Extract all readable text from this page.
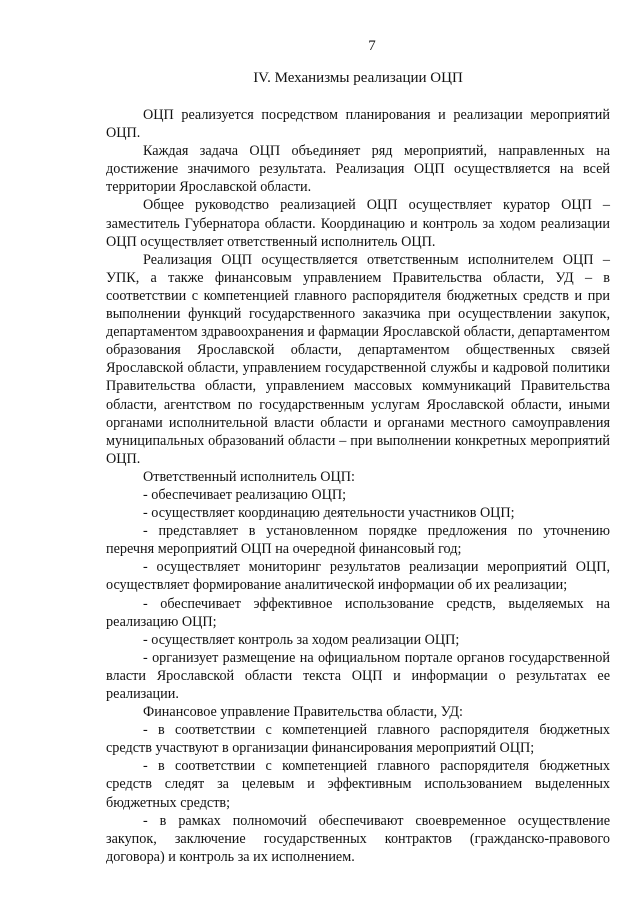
7
IV. Механизмы реализации ОЦП

ОЦП реализуется посредством планирования и реализации мероприятий ОЦП.

Каждая задача ОЦП объединяет ряд мероприятий, направленных на достижение значимого результата. Реализация ОЦП осуществляется на всей территории Ярославской области.

Общее руководство реализацией ОЦП осуществляет куратор ОЦП – заместитель Губернатора области. Координацию и контроль за ходом реализации ОЦП осуществляет ответственный исполнитель ОЦП.

Реализация ОЦП осуществляется ответственным исполнителем ОЦП – УПК, а также финансовым управлением Правительства области, УД – в соответствии с компетенцией главного распорядителя бюджетных средств и при выполнении функций государственного заказчика при осуществлении закупок, департаментом здравоохранения и фармации Ярославской области, департаментом образования Ярославской области, департаментом общественных связей Ярославской области, управлением государственной службы и кадровой политики Правительства области, управлением массовых коммуникаций Правительства области, агентством по государственным услугам Ярославской области, иными органами исполнительной власти области и органами местного самоуправления муниципальных образований области – при выполнении конкретных мероприятий ОЦП.

Ответственный исполнитель ОЦП:

- обеспечивает реализацию ОЦП;

- осуществляет координацию деятельности участников ОЦП;

- представляет в установленном порядке предложения по уточнению перечня мероприятий ОЦП на очередной финансовый год;

- осуществляет мониторинг результатов реализации мероприятий ОЦП, осуществляет формирование аналитической информации об их реализации;

- обеспечивает эффективное использование средств, выделяемых на реализацию ОЦП;

- осуществляет контроль за ходом реализации ОЦП;

- организует размещение на официальном портале органов государственной власти Ярославской области текста ОЦП и информации о результатах ее реализации.

Финансовое управление Правительства области, УД:

- в соответствии с компетенцией главного распорядителя бюджетных средств участвуют в организации финансирования мероприятий ОЦП;

- в соответствии с компетенцией главного распорядителя бюджетных средств следят за целевым и эффективным использованием выделенных бюджетных средств;

- в рамках полномочий обеспечивают своевременное осуществление закупок, заключение государственных контрактов (гражданско-правового договора) и контроль за их исполнением.
